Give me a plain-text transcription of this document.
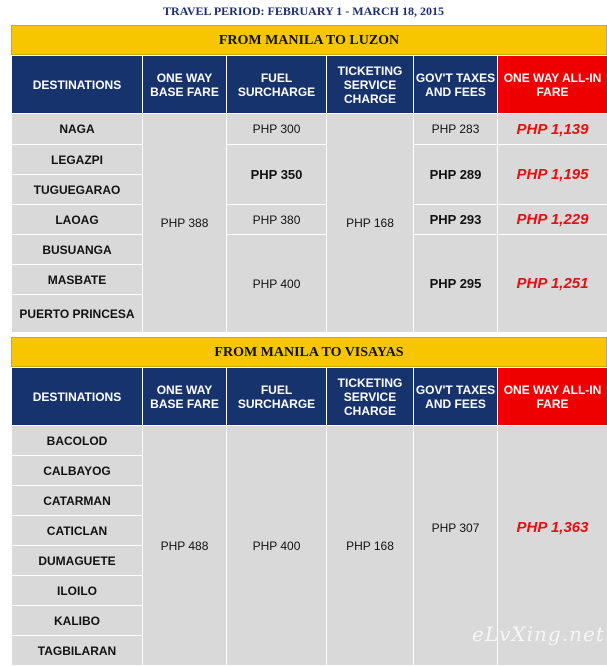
TRAVEL PERIOD: FEBRUARY 1 - MARCH 18, 2015
FROM MANILA TO LUZON
DESTINATIONS	ONE WAY BASE FARE	FUEL SURCHARGE	TICKETING SERVICE CHARGE	GOV'T TAXES AND FEES	ONE WAY ALL-IN FARE
NAGA	PHP 388	PHP 300	PHP 168	PHP 283	PHP 1,139
LEGAZPI		PHP 350		PHP 289	PHP 1,195
TUGUEGARAO					
LAOAG		PHP 380		PHP 293	PHP 1,229
BUSUANGA		PHP 400		PHP 295	PHP 1,251
MASBATE					
PUERTO PRINCESA					
FROM MANILA TO VISAYAS
DESTINATIONS	ONE WAY BASE FARE	FUEL SURCHARGE	TICKETING SERVICE CHARGE	GOV'T TAXES AND FEES	ONE WAY ALL-IN FARE
BACOLOD	PHP 488	PHP 400	PHP 168	PHP 307	PHP 1,363
CALBAYOG					
CATARMAN					
CATICLAN					
DUMAGUETE					
ILOILO					
KALIBO					
TAGBILARAN					
eLvXing.net
